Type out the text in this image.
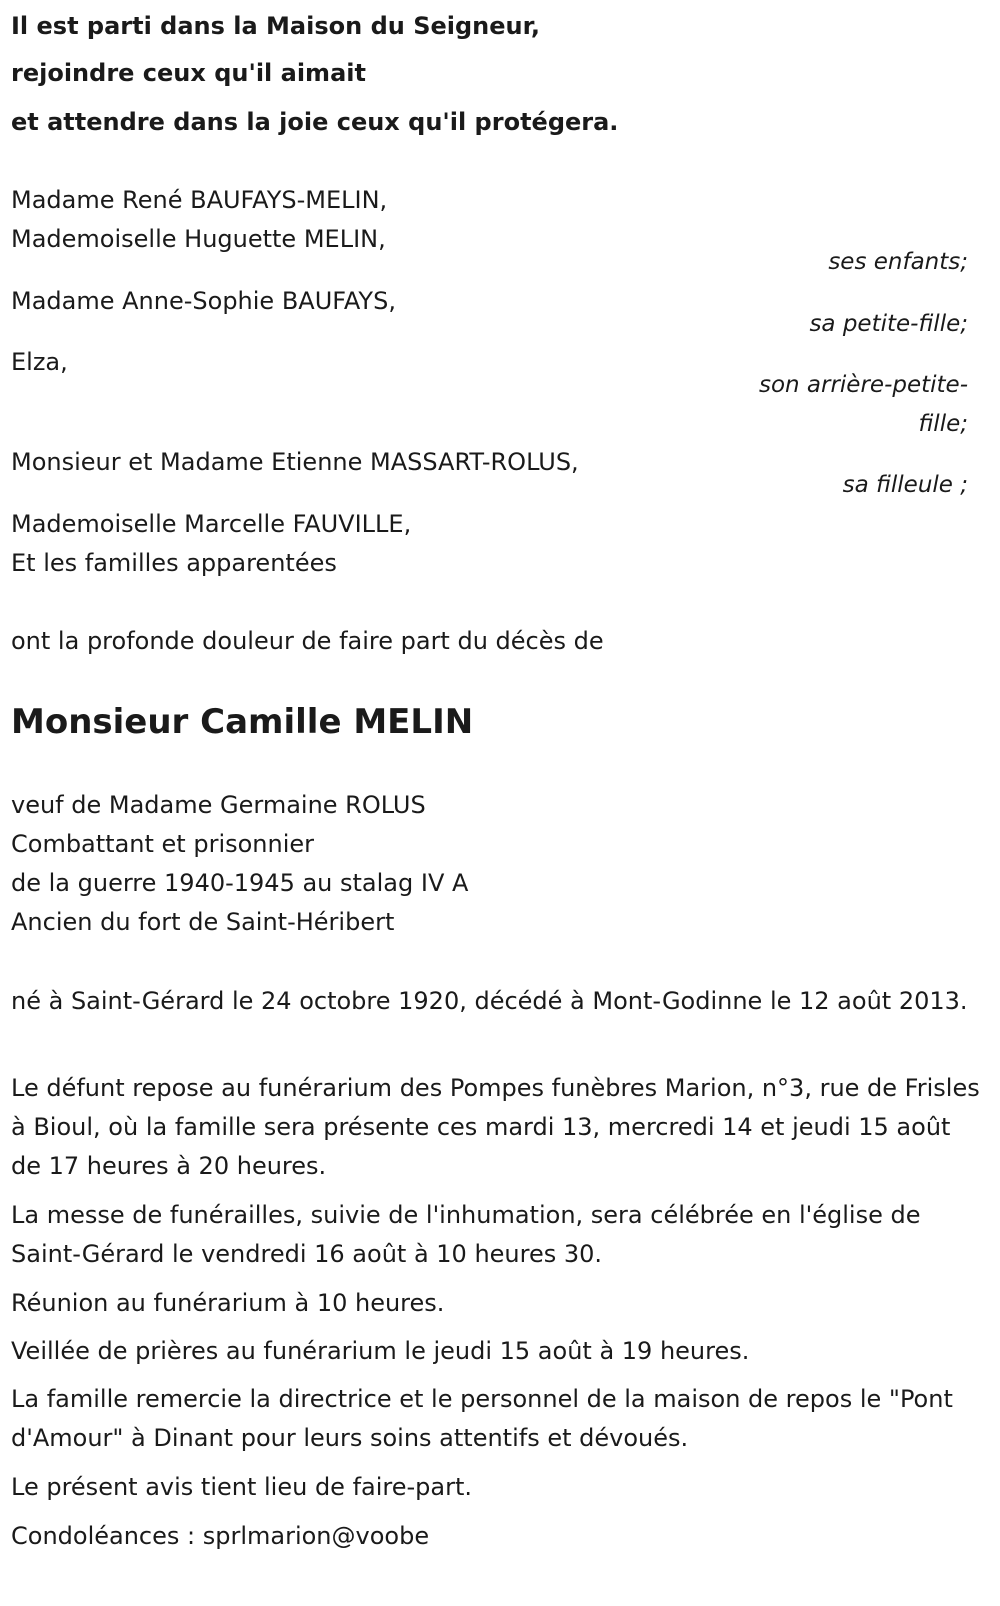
Il est parti dans la Maison du Seigneur,
rejoindre ceux qu'il aimait
et attendre dans la joie ceux qu'il protégera.
Madame René BAUFAYS-MELIN,
Mademoiselle Huguette MELIN,
ses enfants;
Madame Anne-Sophie BAUFAYS,
sa petite-fille;
Elza,
son arrière-petite-
fille;
Monsieur et Madame Etienne MASSART-ROLUS,
sa filleule ;
Mademoiselle Marcelle FAUVILLE,
Et les familles apparentées
ont la profonde douleur de faire part du décès de
Monsieur Camille MELIN
veuf de Madame Germaine ROLUS
Combattant et prisonnier
de la guerre 1940-1945 au stalag IV A
Ancien du fort de Saint-Héribert
né à Saint-Gérard le 24 octobre 1920, décédé à Mont-Godinne le 12 août 2013.
Le défunt repose au funérarium des Pompes funèbres Marion, n°3, rue de Frisles à Bioul, où la famille sera présente ces mardi 13, mercredi 14 et jeudi 15 août de 17 heures à 20 heures.
La messe de funérailles, suivie de l'inhumation, sera célébrée en l'église de Saint-Gérard le vendredi 16 août à 10 heures 30.
Réunion au funérarium à 10 heures.
Veillée de prières au funérarium le jeudi 15 août à 19 heures.
La famille remercie la directrice et le personnel de la maison de repos le "Pont d'Amour" à Dinant pour leurs soins attentifs et dévoués.
Le présent avis tient lieu de faire-part.
Condoléances : sprlmarion@voobe
